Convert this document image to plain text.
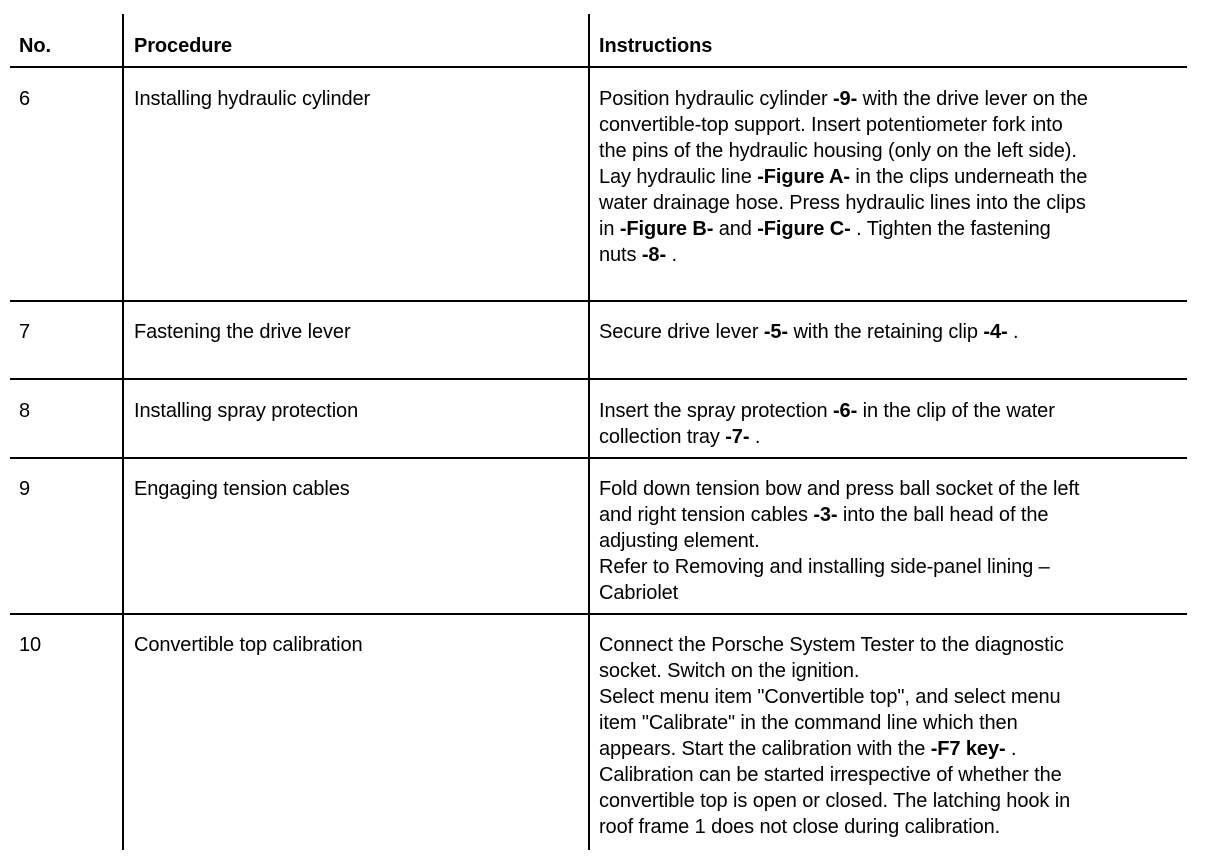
No.	Procedure	Instructions
6	Installing hydraulic cylinder	Position hydraulic cylinder -9- with the drive lever on the
convertible-top support. Insert potentiometer fork into
the pins of the hydraulic housing (only on the left side).
Lay hydraulic line -Figure A- in the clips underneath the
water drainage hose. Press hydraulic lines into the clips
in -Figure B- and -Figure C- . Tighten the fastening
nuts -8- .
7	Fastening the drive lever	Secure drive lever -5- with the retaining clip -4- .
8	Installing spray protection	Insert the spray protection -6- in the clip of the water
collection tray -7- .
9	Engaging tension cables	Fold down tension bow and press ball socket of the left
and right tension cables -3- into the ball head of the
adjusting element.
Refer to Removing and installing side-panel lining –
Cabriolet
10	Convertible top calibration	Connect the Porsche System Tester to the diagnostic
socket. Switch on the ignition.
Select menu item "Convertible top", and select menu
item "Calibrate" in the command line which then
appears. Start the calibration with the -F7 key- .
Calibration can be started irrespective of whether the
convertible top is open or closed. The latching hook in
roof frame 1 does not close during calibration.
